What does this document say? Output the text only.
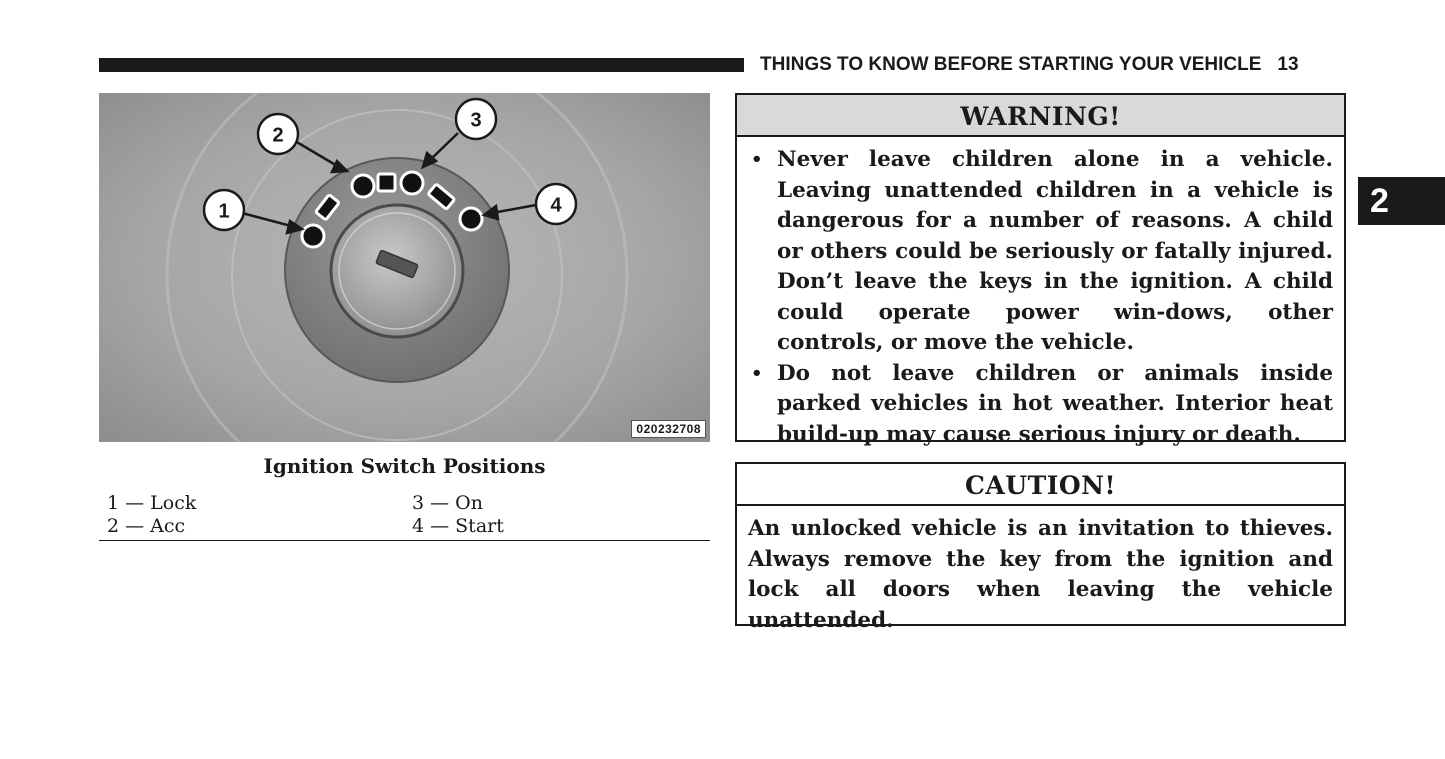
THINGS TO KNOW BEFORE STARTING YOUR VEHICLE 13
2
1
2
3
4
020232708
Ignition Switch Positions
1 — Lock
2 — Acc
3 — On
4 — Start
WARNING!
• Never leave children alone in a vehicle. Leaving unattended children in a vehicle is dangerous for a number of reasons. A child or others could be seriously or fatally injured. Don’t leave the keys in the ignition. A child could operate power win-dows, other controls, or move the vehicle.
• Do not leave children or animals inside parked vehicles in hot weather. Interior heat build-up may cause serious injury or death.
CAUTION!
An unlocked vehicle is an invitation to thieves. Always remove the key from the ignition and lock all doors when leaving the vehicle unattended.
